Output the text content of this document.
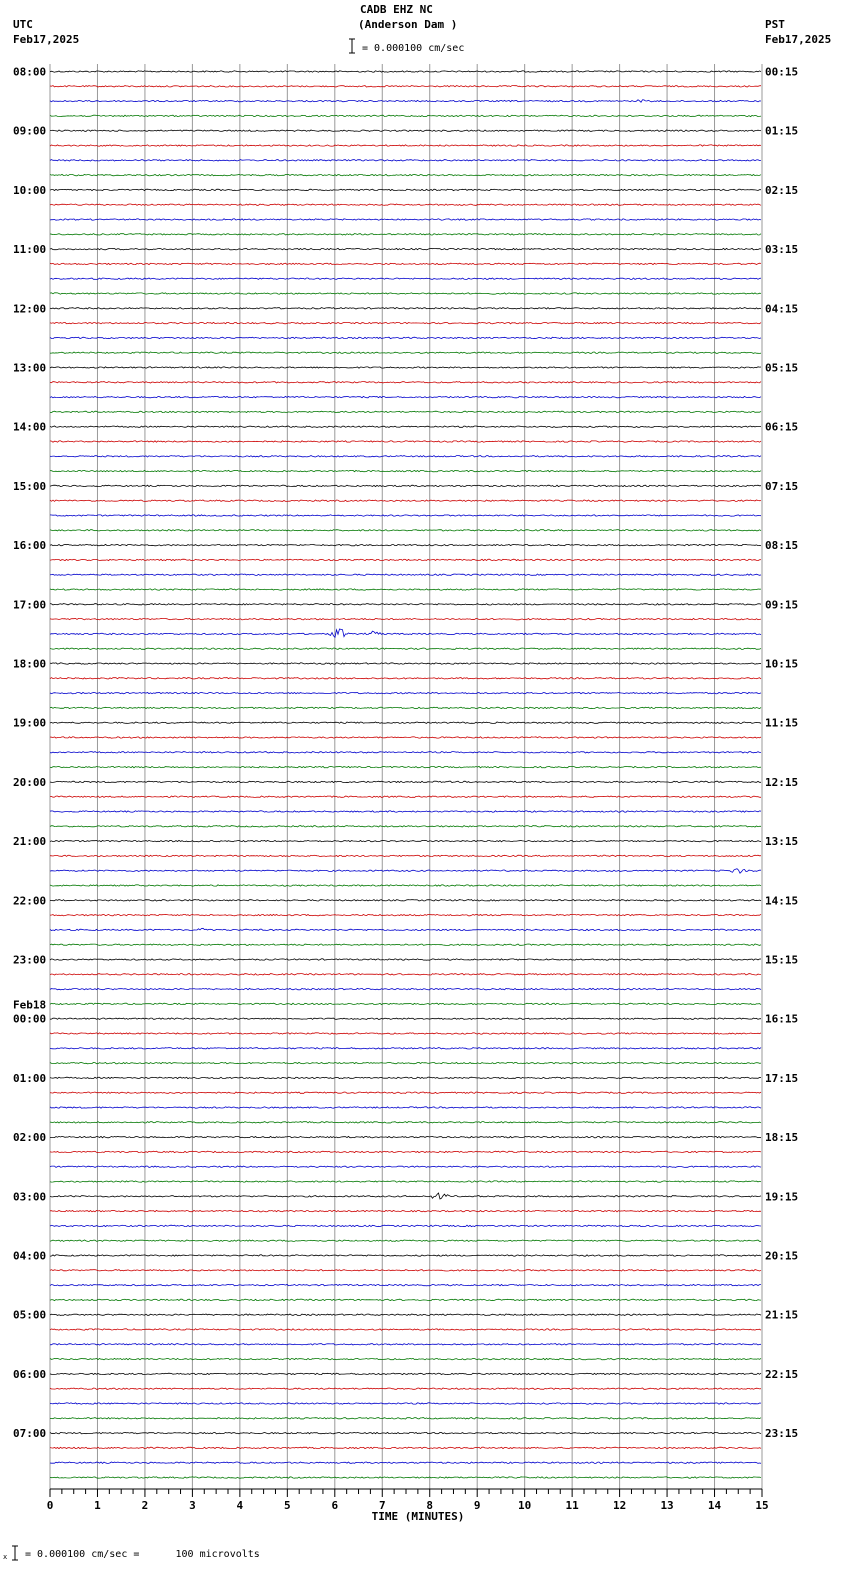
CADB EHZ NC
(Anderson Dam )
UTC
Feb17,2025
PST
Feb17,2025
= 0.000100 cm/sec
= 0.000100 cm/sec =      100 microvolts
x
08:00
09:00
10:00
11:00
12:00
13:00
14:00
15:00
16:00
17:00
18:00
19:00
20:00
21:00
22:00
23:00
00:00
Feb18
01:00
02:00
03:00
04:00
05:00
06:00
07:00
00:15
01:15
02:15
03:15
04:15
05:15
06:15
07:15
08:15
09:15
10:15
11:15
12:15
13:15
14:15
15:15
16:15
17:15
18:15
19:15
20:15
21:15
22:15
23:15
0	1	2	3	4	5	6	7	8	9	10	11	12	13	14	15
TIME (MINUTES)
